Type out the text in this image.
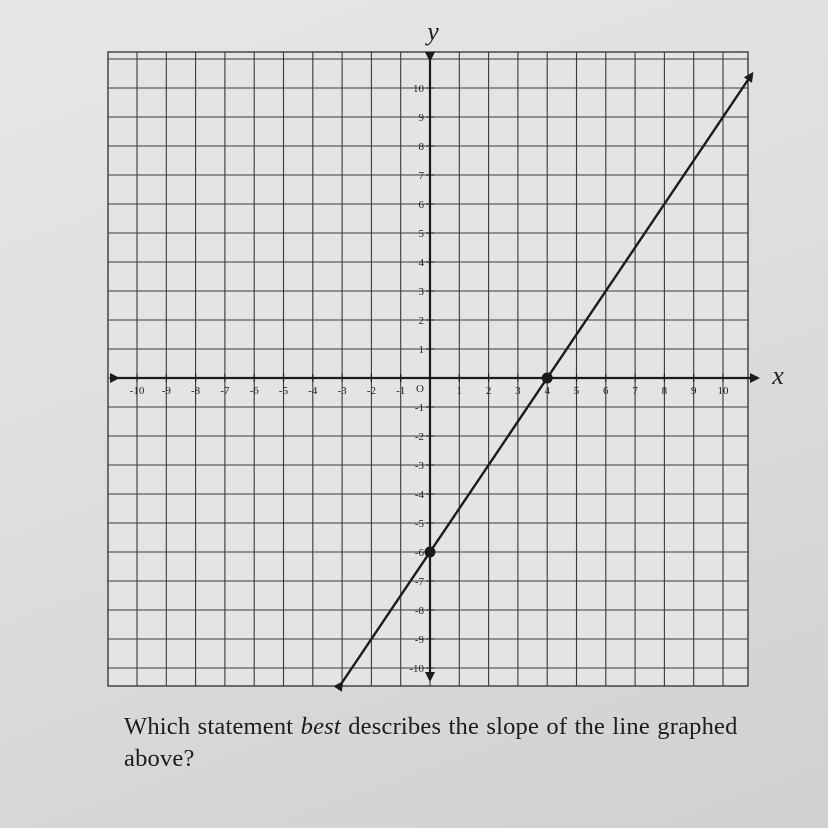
x
y
-10 -9 -8 -7 -6 -5 -4 -3 -2 -1	1 2 3 4 5 6 7 8 9 10
10
9
8
7
6
5
4
3
2
1
-1
-2
-3
-4
-5
-6
-7
-8
-9
-10
O
Which statement best describes the slope of the line graphed above?
